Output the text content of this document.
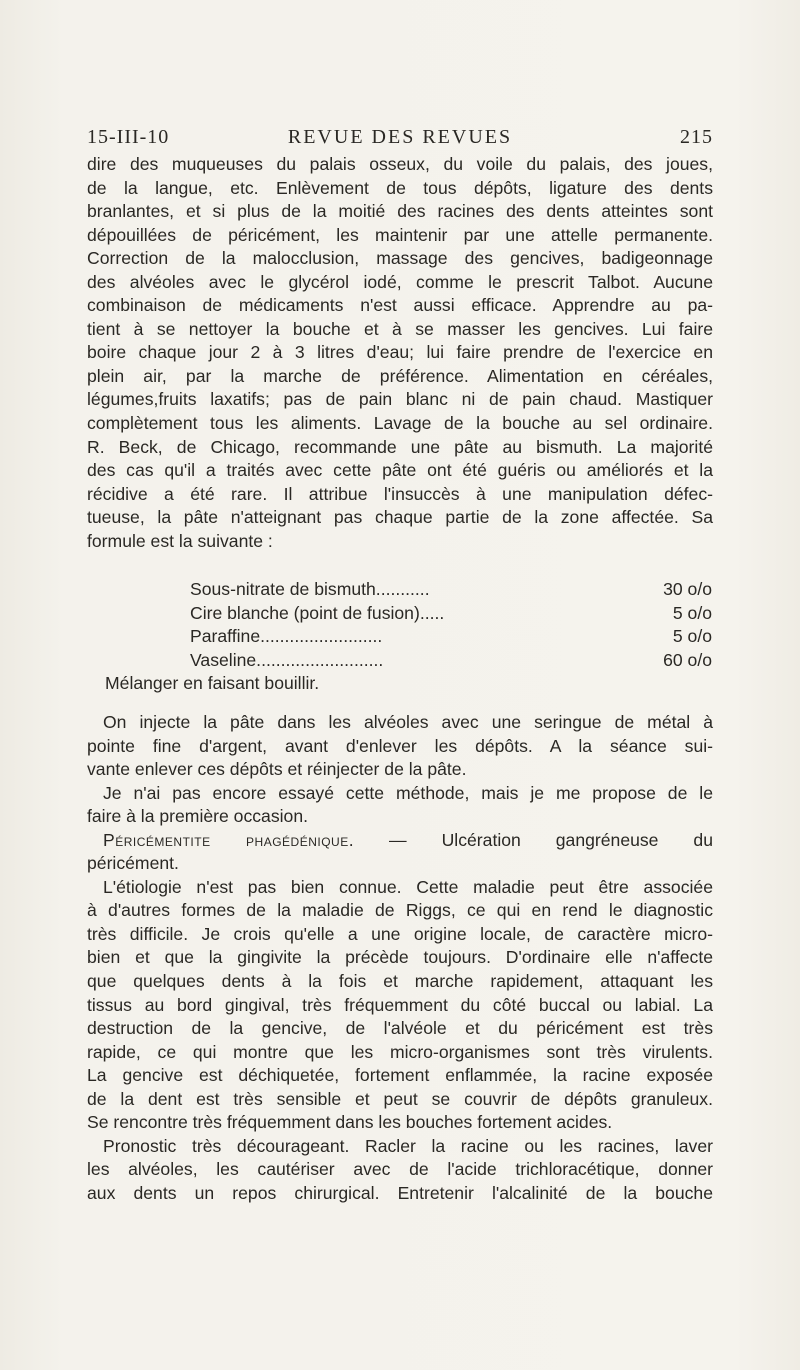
15-III-10	REVUE DES REVUES	215
dire des muqueuses du palais osseux, du voile du palais, des joues,
de la langue, etc. Enlèvement de tous dépôts, ligature des dents
branlantes, et si plus de la moitié des racines des dents atteintes sont
dépouillées de péricément, les maintenir par une attelle permanente.
Correction de la malocclusion, massage des gencives, badigeonnage
des alvéoles avec le glycérol iodé, comme le prescrit Talbot. Aucune
combinaison de médicaments n'est aussi efficace. Apprendre au pa-
tient à se nettoyer la bouche et à se masser les gencives. Lui faire
boire chaque jour 2 à 3 litres d'eau; lui faire prendre de l'exercice en
plein air, par la marche de préférence. Alimentation en céréales,
légumes,fruits laxatifs; pas de pain blanc ni de pain chaud. Mastiquer
complètement tous les aliments. Lavage de la bouche au sel ordinaire.
R. Beck, de Chicago, recommande une pâte au bismuth. La majorité
des cas qu'il a traités avec cette pâte ont été guéris ou améliorés et la
récidive a été rare. Il attribue l'insuccès à une manipulation défec-
tueuse, la pâte n'atteignant pas chaque partie de la zone affectée. Sa
formule est la suivante :
Sous-nitrate de bismuth...........	30 o/o
Cire blanche (point de fusion).....	5 o/o
Paraffine.........................	5 o/o
Vaseline..........................	60 o/o
Mélanger en faisant bouillir.
On injecte la pâte dans les alvéoles avec une seringue de métal à
pointe fine d'argent, avant d'enlever les dépôts. A la séance sui-
vante enlever ces dépôts et réinjecter de la pâte.
Je n'ai pas encore essayé cette méthode, mais je me propose de le
faire à la première occasion.
Péricémentite phagédénique. — Ulcération gangréneuse du
péricément.
L'étiologie n'est pas bien connue. Cette maladie peut être associée
à d'autres formes de la maladie de Riggs, ce qui en rend le diagnostic
très difficile. Je crois qu'elle a une origine locale, de caractère micro-
bien et que la gingivite la précède toujours. D'ordinaire elle n'affecte
que quelques dents à la fois et marche rapidement, attaquant les
tissus au bord gingival, très fréquemment du côté buccal ou labial. La
destruction de la gencive, de l'alvéole et du péricément est très
rapide, ce qui montre que les micro-organismes sont très virulents.
La gencive est déchiquetée, fortement enflammée, la racine exposée
de la dent est très sensible et peut se couvrir de dépôts granuleux.
Se rencontre très fréquemment dans les bouches fortement acides.
Pronostic très décourageant. Racler la racine ou les racines, laver
les alvéoles, les cautériser avec de l'acide trichloracétique, donner
aux dents un repos chirurgical. Entretenir l'alcalinité de la bouche
